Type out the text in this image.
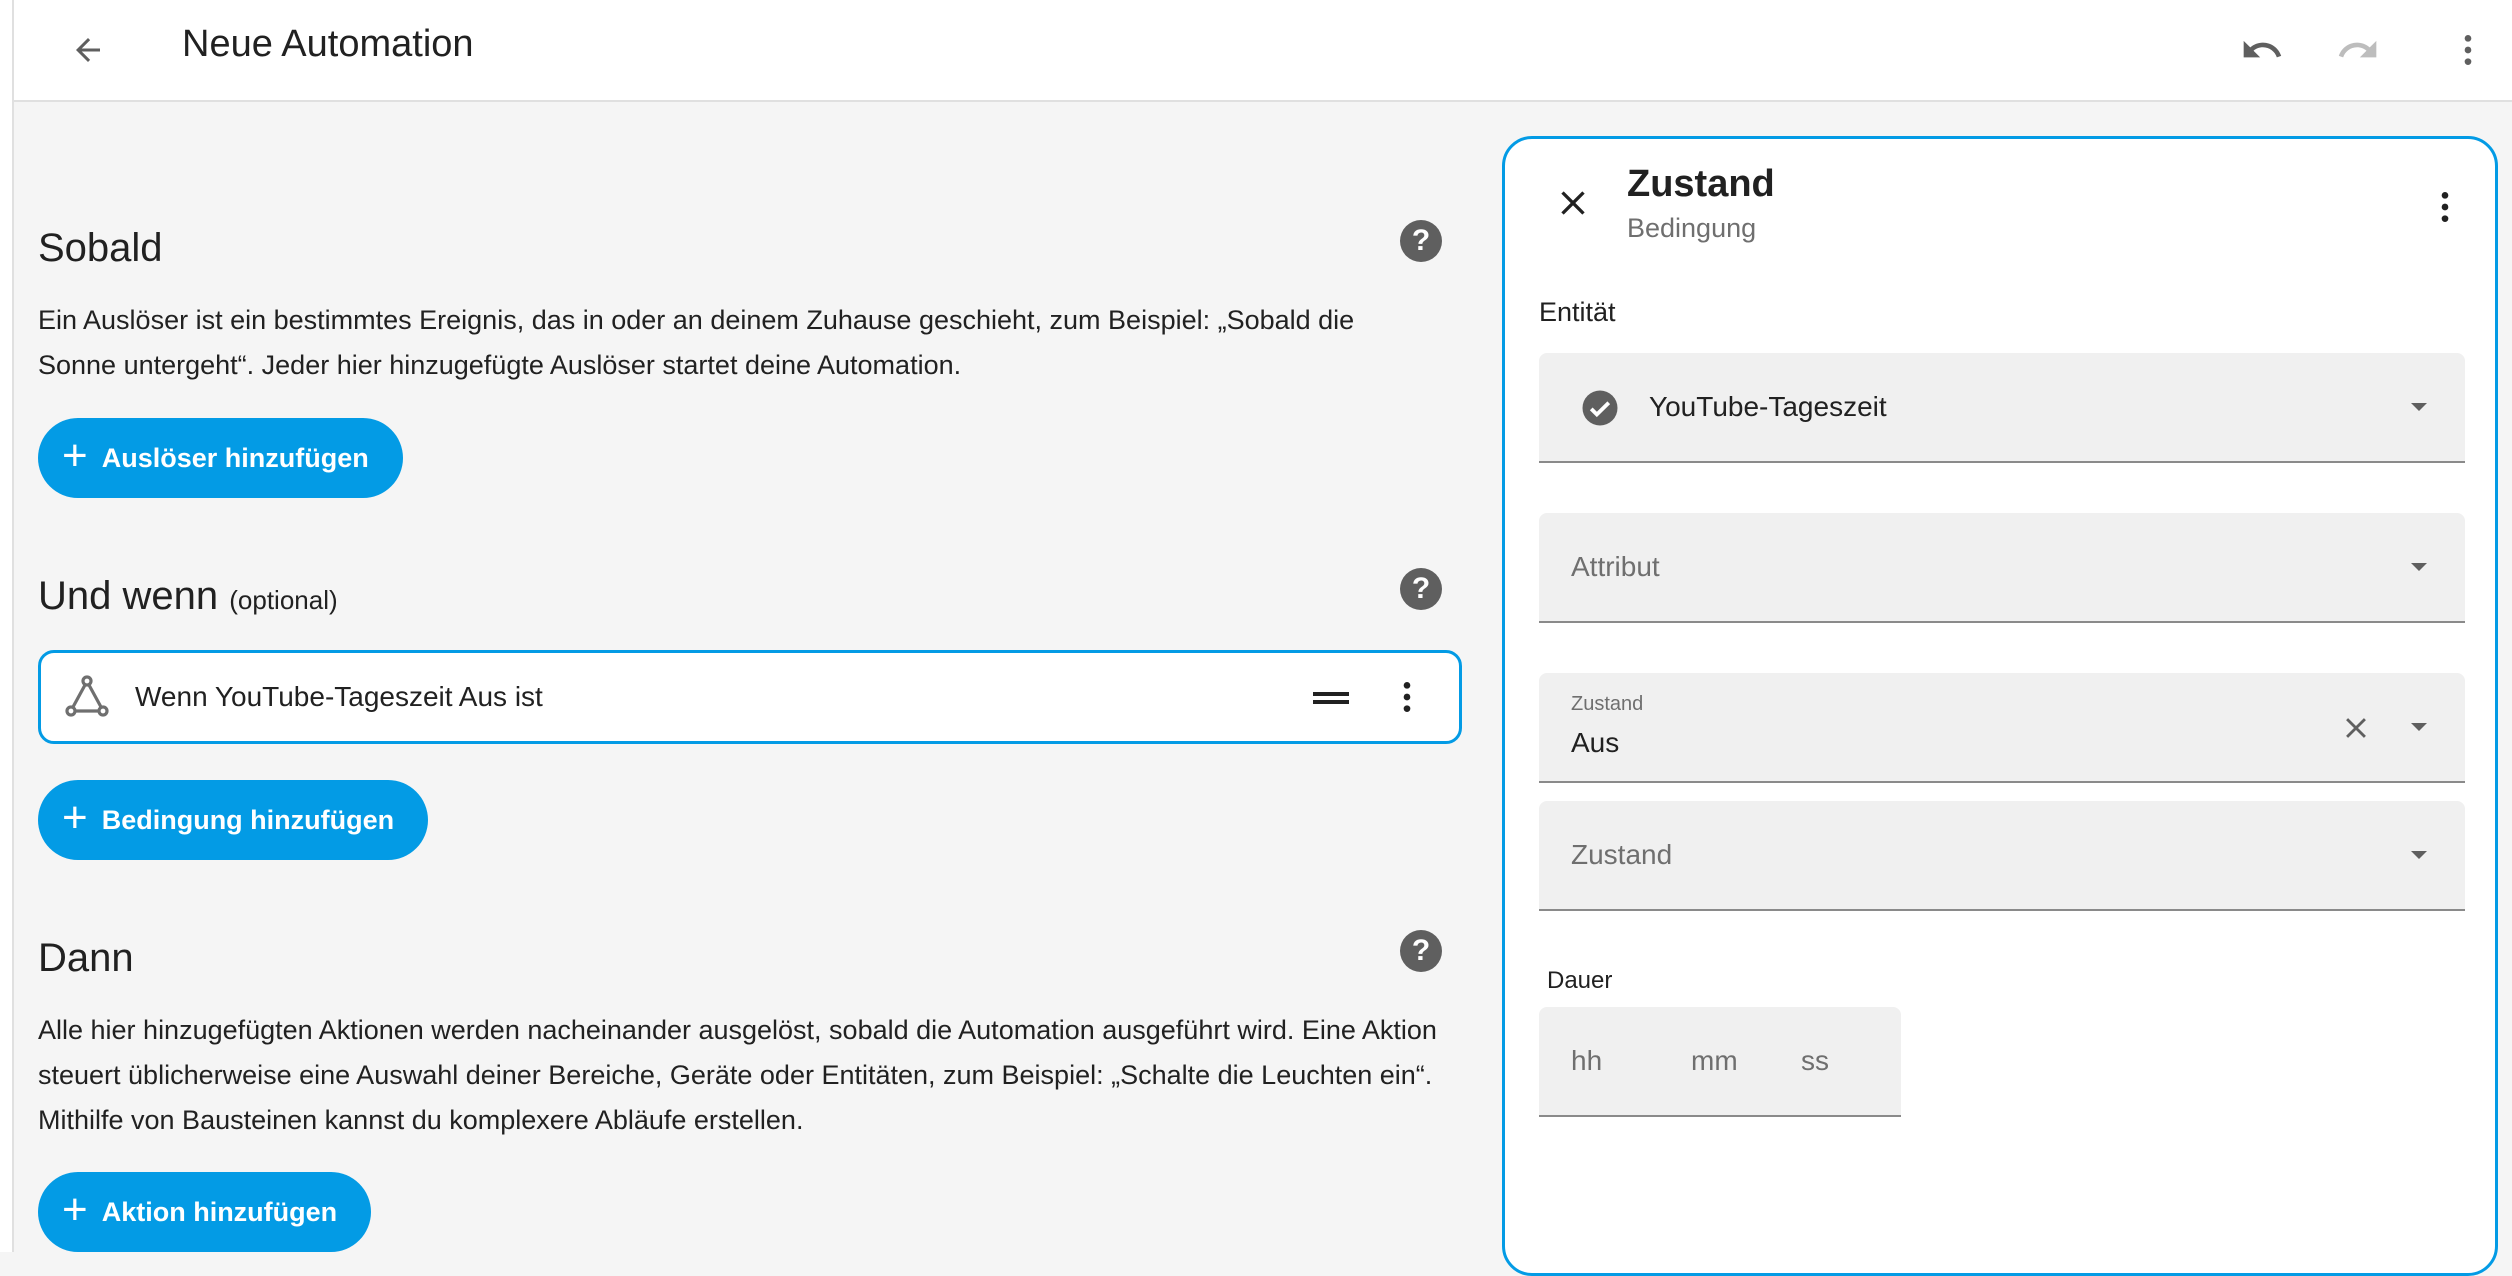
Neue Automation
Sobald	?
Ein Auslöser ist ein bestimmtes Ereignis, das in oder an deinem Zuhause geschieht, zum Beispiel: „Sobald die Sonne untergeht“. Jeder hier hinzugefügte Auslöser startet deine Automation.
+ Auslöser hinzufügen
Und wenn (optional)	?
Wenn YouTube-Tageszeit Aus ist
+ Bedingung hinzufügen
Dann	?
Alle hier hinzugefügten Aktionen werden nacheinander ausgelöst, sobald die Automation ausgeführt wird. Eine Aktion steuert üblicherweise eine Auswahl deiner Bereiche, Geräte oder Entitäten, zum Beispiel: „Schalte die Leuchten ein“. Mithilfe von Bausteinen kannst du komplexere Abläufe erstellen.
+ Aktion hinzufügen
Zustand
Bedingung
Entität
YouTube-Tageszeit
Attribut
Zustand
Aus
Zustand
Dauer
hh	mm ss
